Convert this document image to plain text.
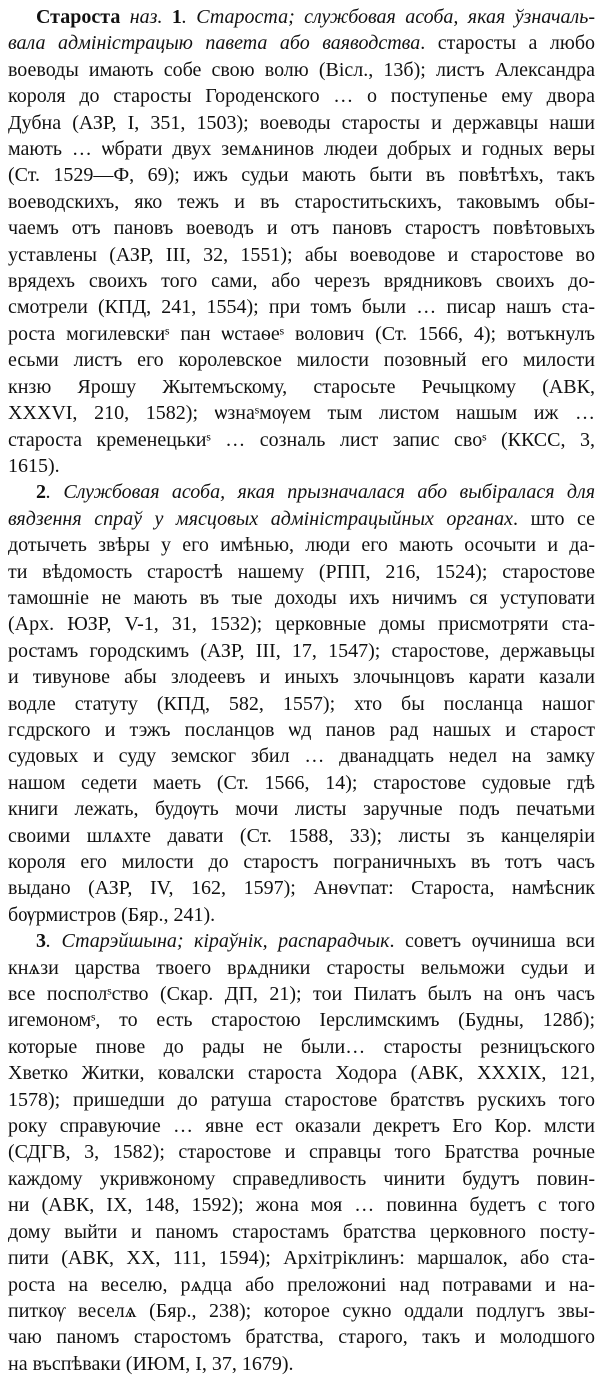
Староста наз. 1. Староста; службовая асоба, якая ўзначаль-
вала адміністрацыю павета або ваяводства. старосты а любо
воеводы имають собе свою волю (Вісл., 13б); листъ Александра
короля до старосты Городенского … о поступенье ему двора
Дубна (АЗР, I, 351, 1503); воеводы старосты и державцы наши
мають … ѡбрати двух земѧнинов людеи добрых и годных веры
(Ст. 1529—Ф, 69); ижъ судьи мають быти въ повѣтѣхъ, такъ
воеводскихъ, яко тежъ и въ староститьскихъ, таковымъ обы-
чаемъ отъ пановъ воеводъ и отъ пановъ старостъ повѣтовыхъ
уставлены (АЗР, III, 32, 1551); абы воеводове и старостове во
врядехъ своихъ того сами, або черезъ врядниковъ своихъ до-
смотрели (КПД, 241, 1554); при томъ были … писар нашъ ста-
роста могилевскиˢ пан ѡстаѳеˢ волович (Ст. 1566, 4); вотъкнулъ
есьми листъ его королевское милости позовный его милости
кнзю Ярошу Жытемъскому, старосьте Речыцкому (АВК,
XXXVI, 210, 1582); ѡзнаˢмѹем тым листом нашым иж …
староста кременецькиˢ … созналь лист запис своˢ (ККСС, 3,
1615).
2. Службовая асоба, якая прызначалася або выбіралася для
вядзення спраў у мясцовых адміністрацыйных органах. што се
дотычеть звѣры у его имѣнью, люди его мають осочыти и да-
ти вѣдомость старостѣ нашему (РПП, 216, 1524); старостове
тамошніе не мають въ тые доходы ихъ ничимъ ся уступовати
(Арх. ЮЗР, V-1, 31, 1532); церковные домы присмотряти ста-
ростамъ городскимъ (АЗР, III, 17, 1547); старостове, державьцы
и тивунове абы злодеевъ и иныхъ злочынцовъ карати казали
водле статуту (КПД, 582, 1557); хто бы посланца нашог
гсдрского и тэжъ посланцов ѡд панов рад нашых и старост
судовых и суду земског збил … дванадцать недел на замку
нашом седети маеть (Ст. 1566, 14); старостове судовые гдѣ
книги лежать, будѹть мочи листы заручные подъ печатьми
своими шлѧхте давати (Ст. 1588, 33); листы зъ канцеляріи
короля его милости до старостъ пограничныхъ въ тотъ часъ
выдано (АЗР, IV, 162, 1597); Анѳѵпат: Староста, намѣсник
бѹрмистров (Бяр., 241).
3. Старэйшына; кіраўнік, распарадчык. советъ ѹчиниша вси
кнѧзи царства твоего врѧдники старосты вельможи судьи и
все посполˢство (Скар. ДП, 21); тои Пилатъ былъ на онъ часъ
игемономˢ, то есть старостою Іерслимскимъ (Будны, 128б);
которые пнове до рады не были… старосты резницъского
Хветко Житки, ковалски староста Ходора (АВК, XXXIX, 121,
1578); пришедши до ратуша старостове братствъ рускихъ того
року справуючие … явне ест оказали декретъ Его Кор. млсти
(СДГВ, 3, 1582); старостове и справцы того Братства рочные
каждому укривжоному справедливость чинити будутъ повин-
ни (АВК, IX, 148, 1592); жона моя … повинна будетъ с того
дому выйти и паномъ старостамъ братства церковного посту-
пити (АВК, XX, 111, 1594); Архітріклинъ: маршалок, або ста-
роста на веселю, рѧдца або преложониі над потравами и на-
питкѹ веселѧ (Бяр., 238); которое сукно оддали подлугъ звы-
чаю паномъ старостомъ братства, старого, такъ и молодшого
на въспѣваки (ИЮМ, I, 37, 1679).
